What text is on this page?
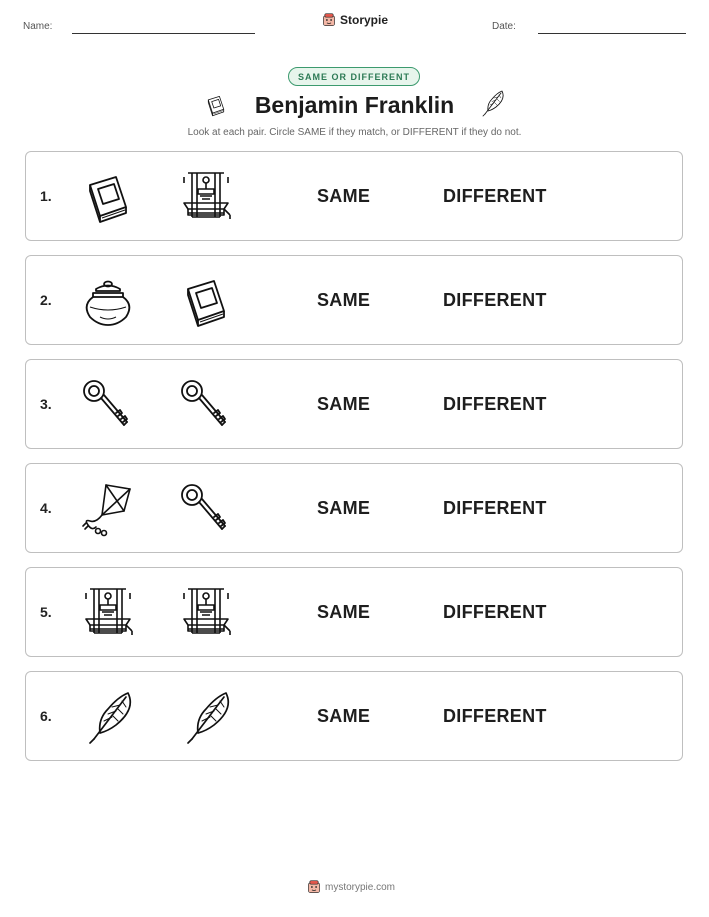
Name:	Storypie	Date:
SAME OR DIFFERENT
Benjamin Franklin
Look at each pair. Circle SAME if they match, or DIFFERENT if they do not.
1.	SAME	DIFFERENT
2.	SAME	DIFFERENT
3.	SAME	DIFFERENT
4.	SAME	DIFFERENT
5.	SAME	DIFFERENT
6.	SAME	DIFFERENT
mystorypie.com
